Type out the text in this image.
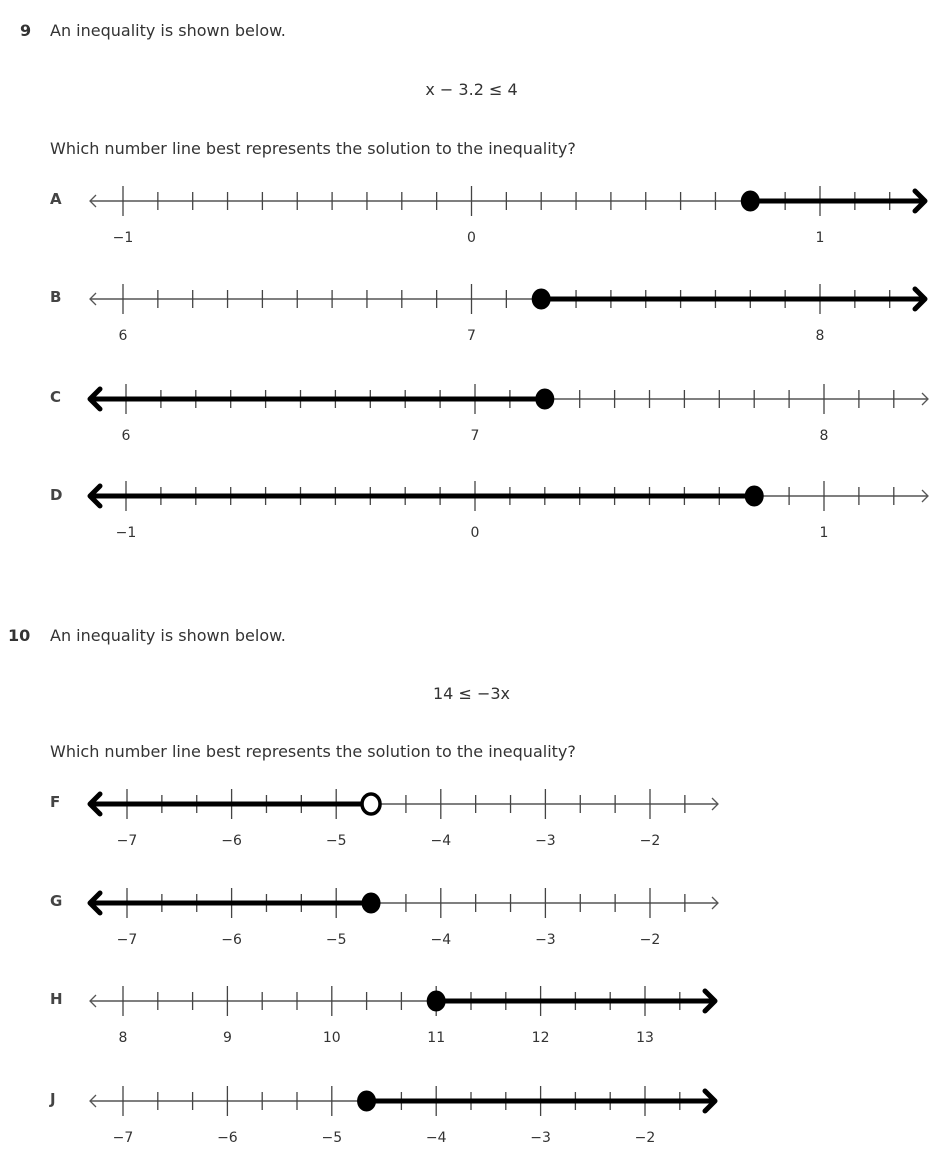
9 An inequality is shown below.
x − 3.2 ≤ 4
Which number line best represents the solution to the inequality?
A
B
C
D
10 An inequality is shown below.
14 ≤ −3x
Which number line best represents the solution to the inequality?
F
G
H
J
−1	0	1
6	7	8
6	7	8
−1	0	1
−7	−6	−5	−4	−3	−2
−7	−6	−5	−4	−3	−2
8	9	10	11	12	13
−7	−6	−5	−4	−3	−2
